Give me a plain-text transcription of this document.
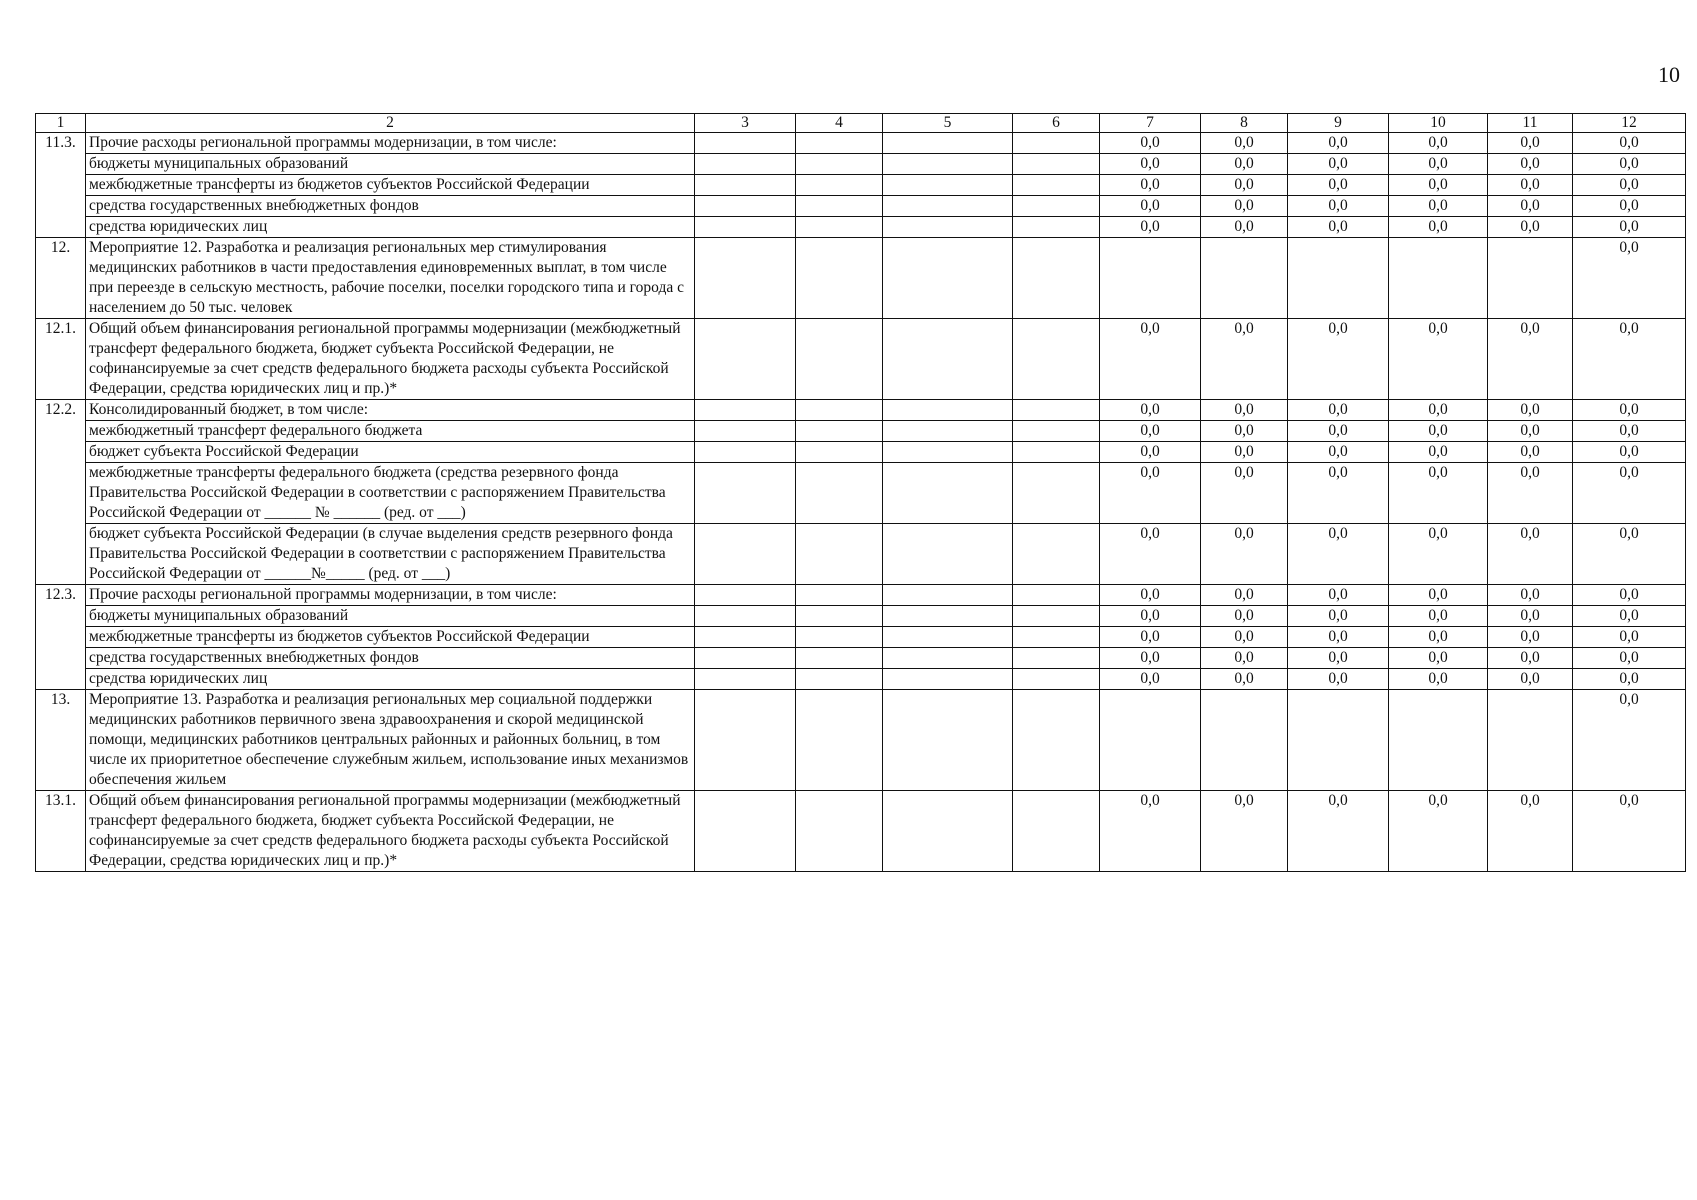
10
1	2	3	4	5	6	7	8	9	10	11	12
11.3.	Прочие расходы региональной программы модернизации, в том числе:					0,0	0,0	0,0	0,0	0,0	0,0
	бюджеты муниципальных образований					0,0	0,0	0,0	0,0	0,0	0,0
	межбюджетные трансферты из бюджетов субъектов Российской Федерации					0,0	0,0	0,0	0,0	0,0	0,0
	средства государственных внебюджетных фондов					0,0	0,0	0,0	0,0	0,0	0,0
	средства юридических лиц					0,0	0,0	0,0	0,0	0,0	0,0
12.	Мероприятие 12. Разработка и реализация региональных мер стимулирования медицинских работников в части предоставления единовременных выплат, в том числе при переезде в сельскую местность, рабочие поселки, поселки городского типа и города с населением до 50 тыс. человек										0,0
12.1.	Общий объем финансирования региональной программы модернизации (межбюджетный трансферт федерального бюджета, бюджет субъекта Российской Федерации, не софинансируемые за счет средств федерального бюджета расходы субъекта Российской Федерации, средства юридических лиц и пр.)*					0,0	0,0	0,0	0,0	0,0	0,0
12.2.	Консолидированный бюджет, в том числе:					0,0	0,0	0,0	0,0	0,0	0,0
	межбюджетный трансферт федерального бюджета					0,0	0,0	0,0	0,0	0,0	0,0
	бюджет субъекта Российской Федерации					0,0	0,0	0,0	0,0	0,0	0,0
	межбюджетные трансферты федерального бюджета (средства резервного фонда Правительства Российской Федерации в соответствии с распоряжением Правительства Российской Федерации от ______ № ______ (ред. от ___)					0,0	0,0	0,0	0,0	0,0	0,0
	бюджет субъекта Российской Федерации (в случае выделения средств резервного фонда Правительства Российской Федерации в соответствии с распоряжением Правительства Российской Федерации от ______№_____ (ред. от ___)					0,0	0,0	0,0	0,0	0,0	0,0
12.3.	Прочие расходы региональной программы модернизации, в том числе:					0,0	0,0	0,0	0,0	0,0	0,0
	бюджеты муниципальных образований					0,0	0,0	0,0	0,0	0,0	0,0
	межбюджетные трансферты из бюджетов субъектов Российской Федерации					0,0	0,0	0,0	0,0	0,0	0,0
	средства государственных внебюджетных фондов					0,0	0,0	0,0	0,0	0,0	0,0
	средства юридических лиц					0,0	0,0	0,0	0,0	0,0	0,0
13.	Мероприятие 13. Разработка и реализация региональных мер социальной поддержки медицинских работников первичного звена здравоохранения и скорой медицинской помощи, медицинских работников центральных районных и районных больниц, в том числе их приоритетное обеспечение служебным жильем, использование иных механизмов обеспечения жильем										0,0
13.1.	Общий объем финансирования региональной программы модернизации (межбюджетный трансферт федерального бюджета, бюджет субъекта Российской Федерации, не софинансируемые за счет средств федерального бюджета расходы субъекта Российской Федерации, средства юридических лиц и пр.)*					0,0	0,0	0,0	0,0	0,0	0,0
